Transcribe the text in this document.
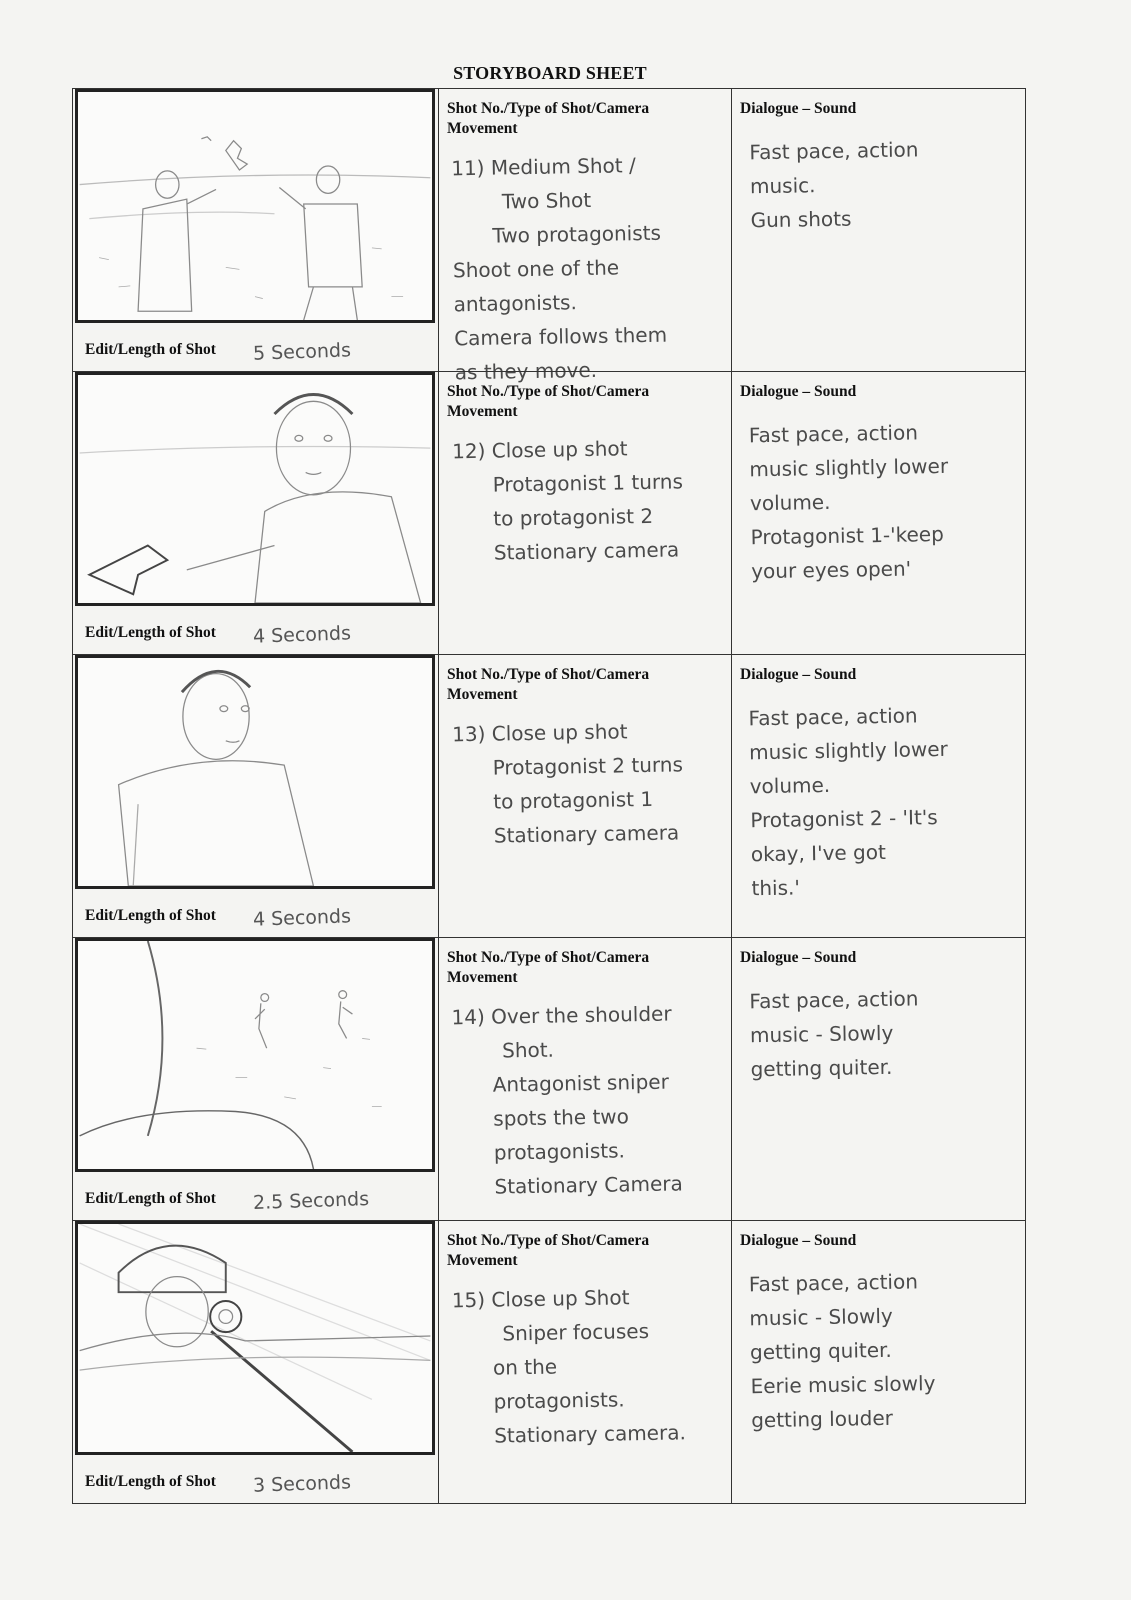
STORYBOARD SHEET
Edit/Length of Shot 5 Seconds
Shot No./Type of Shot/Camera Movement
11) Medium Shot /
Two Shot
Two protagonists
Shoot one of the
antagonists.
Camera follows them
as they move.
Dialogue – Sound
Fast pace, action
music.
Gun shots
Edit/Length of Shot 4 Seconds
Shot No./Type of Shot/Camera Movement
12) Close up shot
Protagonist 1 turns
to protagonist 2
Stationary camera
Dialogue – Sound
Fast pace, action
music slightly lower
volume.
Protagonist 1-'keep
your eyes open'
Edit/Length of Shot 4 Seconds
Shot No./Type of Shot/Camera Movement
13) Close up shot
Protagonist 2 turns
to protagonist 1
Stationary camera
Dialogue – Sound
Fast pace, action
music slightly lower
volume.
Protagonist 2 - 'It's
okay, I've got
this.'
Edit/Length of Shot 2.5 Seconds
Shot No./Type of Shot/Camera Movement
14) Over the shoulder
Shot.
Antagonist sniper
spots the two
protagonists.
Stationary Camera
Dialogue – Sound
Fast pace, action
music - Slowly
getting quiter.
Edit/Length of Shot 3 Seconds
Shot No./Type of Shot/Camera Movement
15) Close up Shot
Sniper focuses
on the
protagonists.
Stationary camera.
Dialogue – Sound
Fast pace, action
music - Slowly
getting quiter.
Eerie music slowly
getting louder
